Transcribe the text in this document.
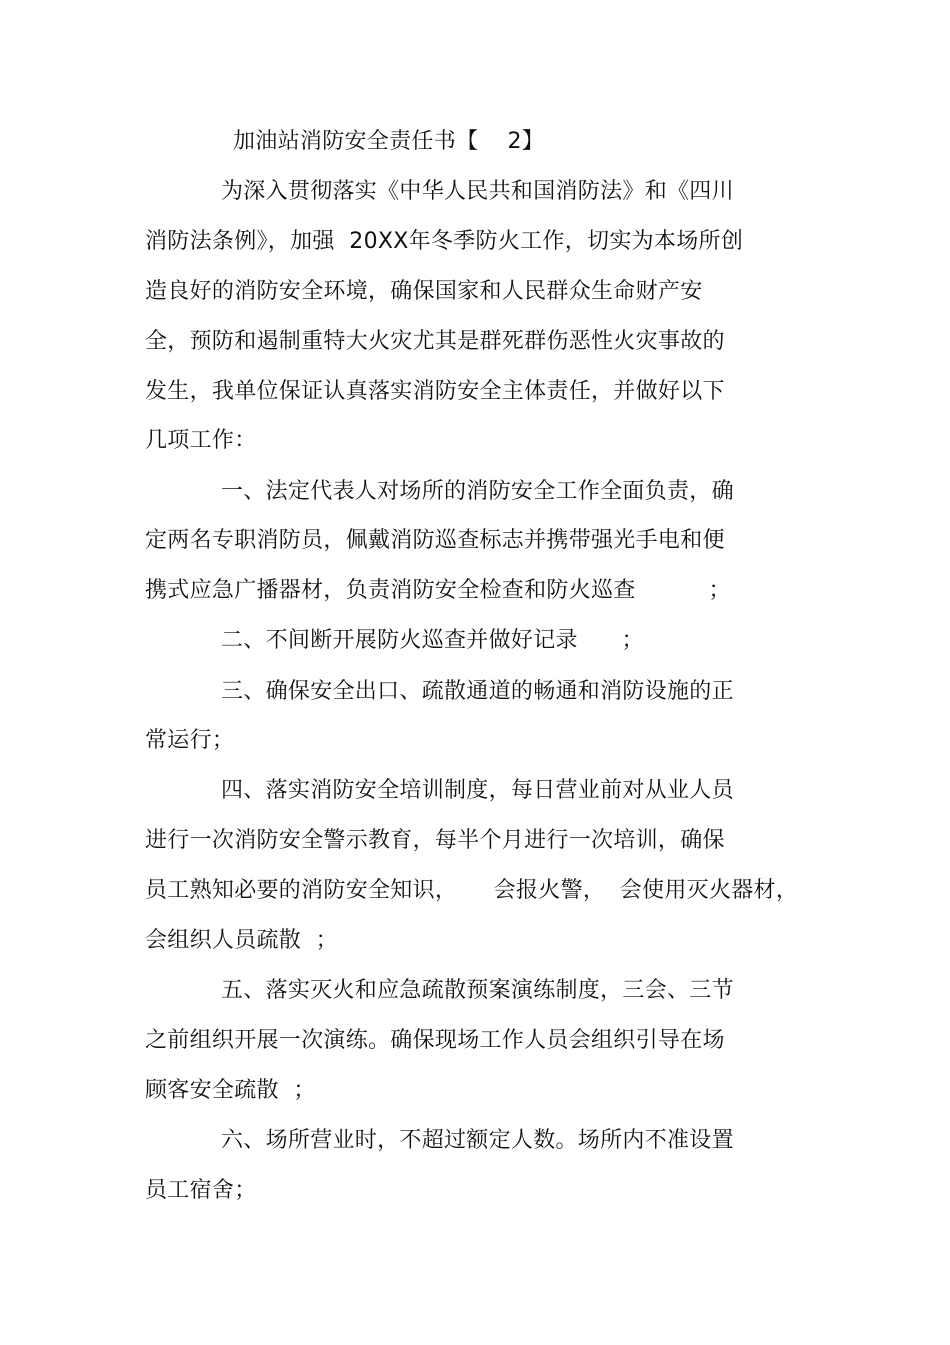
加油站消防安全责任书【    2】
为深入贯彻落实《中华人民共和国消防法》和《四川
消防法条例》，加强  20XX年冬季防火工作，切实为本场所创
造良好的消防安全环境，确保国家和人民群众生命财产安
全，预防和遏制重特大火灾尤其是群死群伤恶性火灾事故的
发生，我单位保证认真落实消防安全主体责任，并做好以下
几项工作：
一、法定代表人对场所的消防安全工作全面负责，确
定两名专职消防员，佩戴消防巡查标志并携带强光手电和便
携式应急广播器材，负责消防安全检查和防火巡查          ；
二、不间断开展防火巡查并做好记录      ；
三、确保安全出口、疏散通道的畅通和消防设施的正
常运行；
四、落实消防安全培训制度，每日营业前对从业人员
进行一次消防安全警示教育，每半个月进行一次培训，确保
员工熟知必要的消防安全知识，     会报火警，  会使用灭火器材，
会组织人员疏散  ；
五、落实灭火和应急疏散预案演练制度，三会、三节
之前组织开展一次演练。确保现场工作人员会组织引导在场
顾客安全疏散  ；
六、场所营业时，不超过额定人数。场所内不准设置
员工宿舍；
